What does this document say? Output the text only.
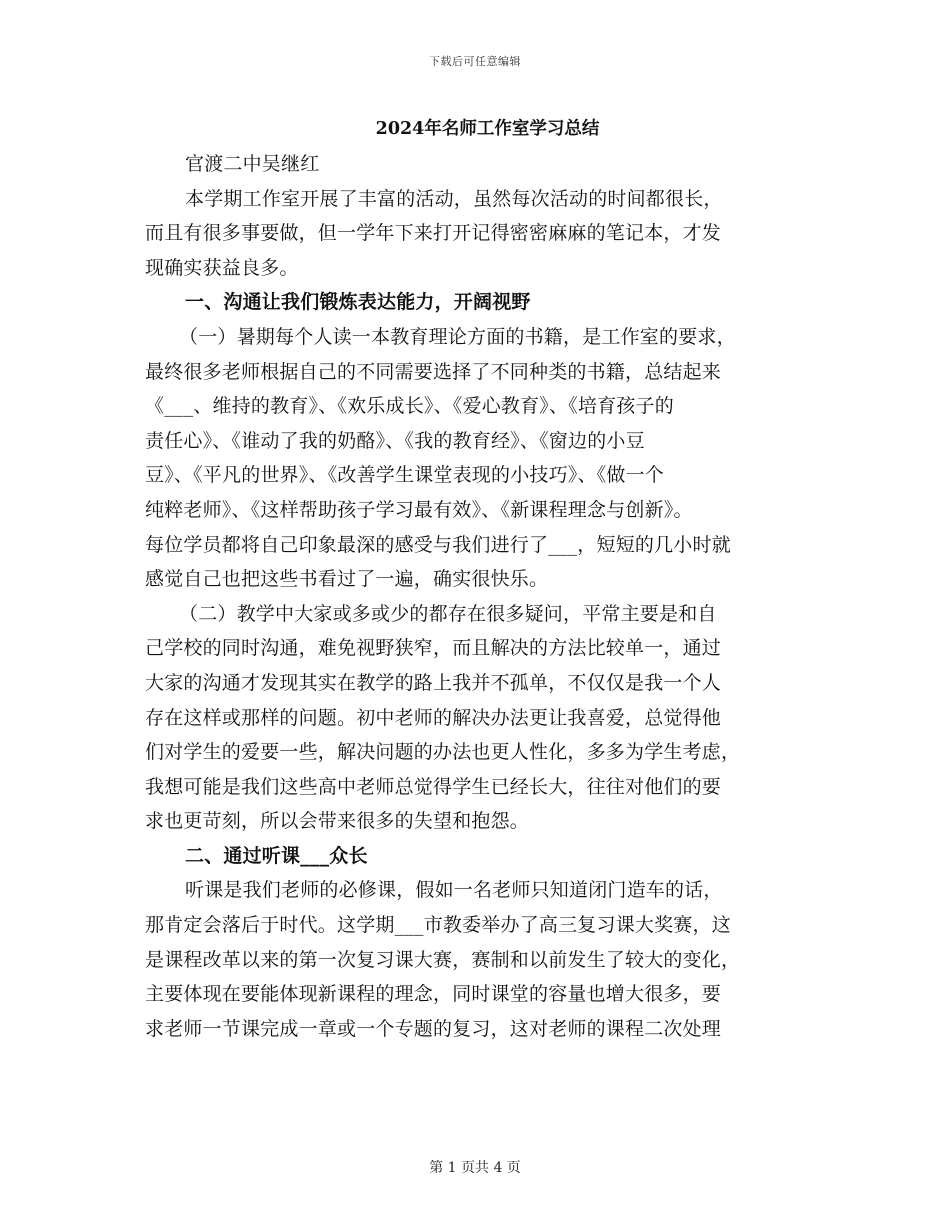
下载后可任意编辑
2024年名师工作室学习总结
官渡二中吴继红
本学期工作室开展了丰富的活动，虽然每次活动的时间都很长，
而且有很多事要做，但一学年下来打开记得密密麻麻的笔记本，才发
现确实获益良多。
一、沟通让我们锻炼表达能力，开阔视野
（一）暑期每个人读一本教育理论方面的书籍，是工作室的要求，
最终很多老师根据自己的不同需要选择了不同种类的书籍，总结起来
《___、维持的教育》、《欢乐成长》、《爱心教育》、《培育孩子的
责任心》、《谁动了我的奶酪》、《我的教育经》、《窗边的小豆
豆》、《平凡的世界》、《改善学生课堂表现的小技巧》、《做一个
纯粹老师》、《这样帮助孩子学习最有效》、《新课程理念与创新》。
每位学员都将自己印象最深的感受与我们进行了___，短短的几小时就
感觉自己也把这些书看过了一遍，确实很快乐。
（二）教学中大家或多或少的都存在很多疑问，平常主要是和自
己学校的同时沟通，难免视野狭窄，而且解决的方法比较单一，通过
大家的沟通才发现其实在教学的路上我并不孤单，不仅仅是我一个人
存在这样或那样的问题。初中老师的解决办法更让我喜爱，总觉得他
们对学生的爱要一些，解决问题的办法也更人性化，多多为学生考虑，
我想可能是我们这些高中老师总觉得学生已经长大，往往对他们的要
求也更苛刻，所以会带来很多的失望和抱怨。
二、通过听课___众长
听课是我们老师的必修课，假如一名老师只知道闭门造车的话，
那肯定会落后于时代。这学期___市教委举办了高三复习课大奖赛，这
是课程改革以来的第一次复习课大赛，赛制和以前发生了较大的变化，
主要体现在要能体现新课程的理念，同时课堂的容量也增大很多，要
求老师一节课完成一章或一个专题的复习，这对老师的课程二次处理
第 1 页共 4 页
